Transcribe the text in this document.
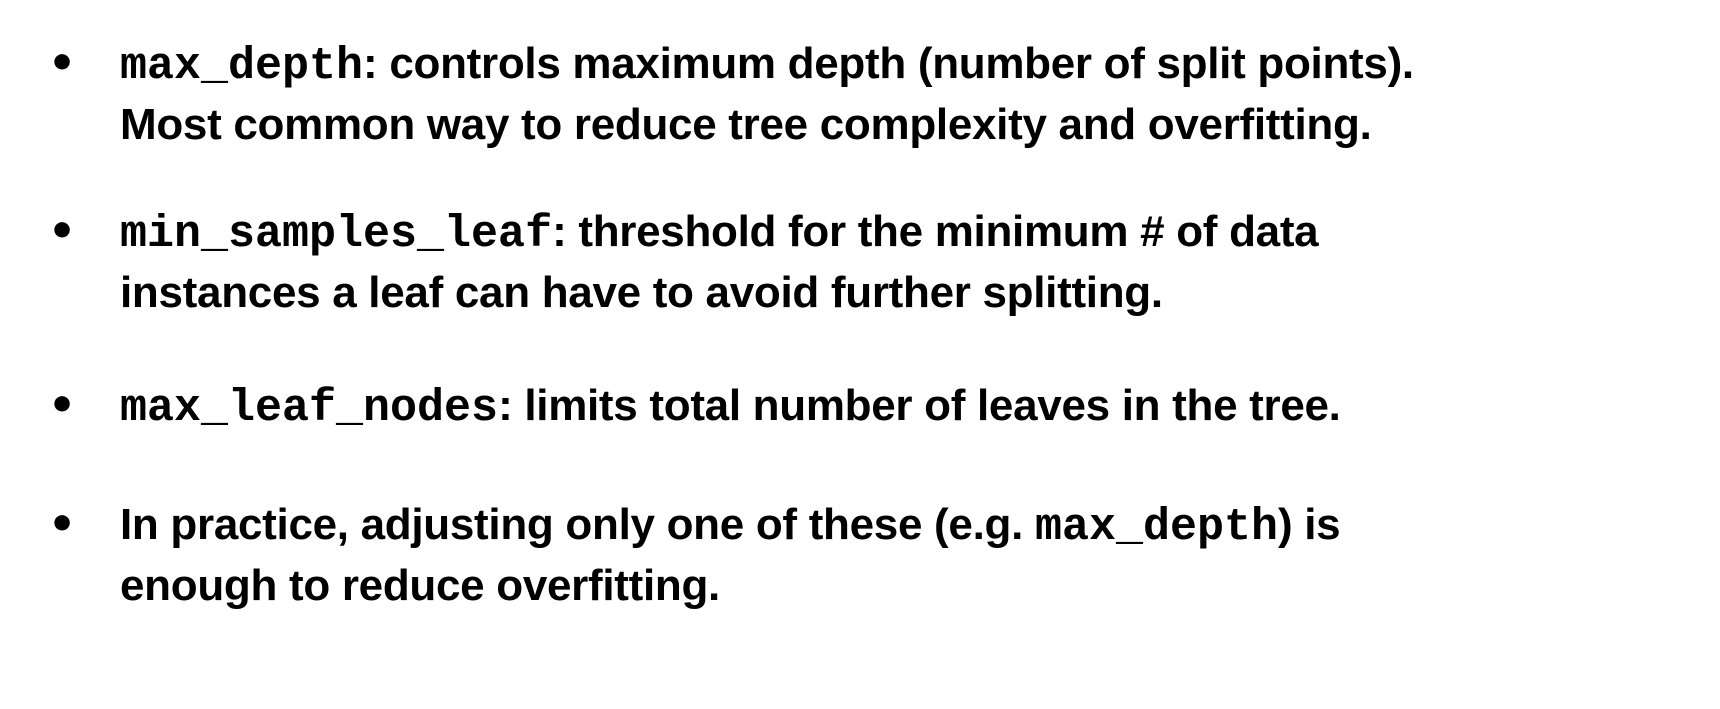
• max_depth: controls maximum depth (number of split points).
Most common way to reduce tree complexity and overfitting.
• min_samples_leaf: threshold for the minimum # of data
instances a leaf can have to avoid further splitting.
• max_leaf_nodes: limits total number of leaves in the tree.
• In practice, adjusting only one of these (e.g. max_depth) is
enough to reduce overfitting.
